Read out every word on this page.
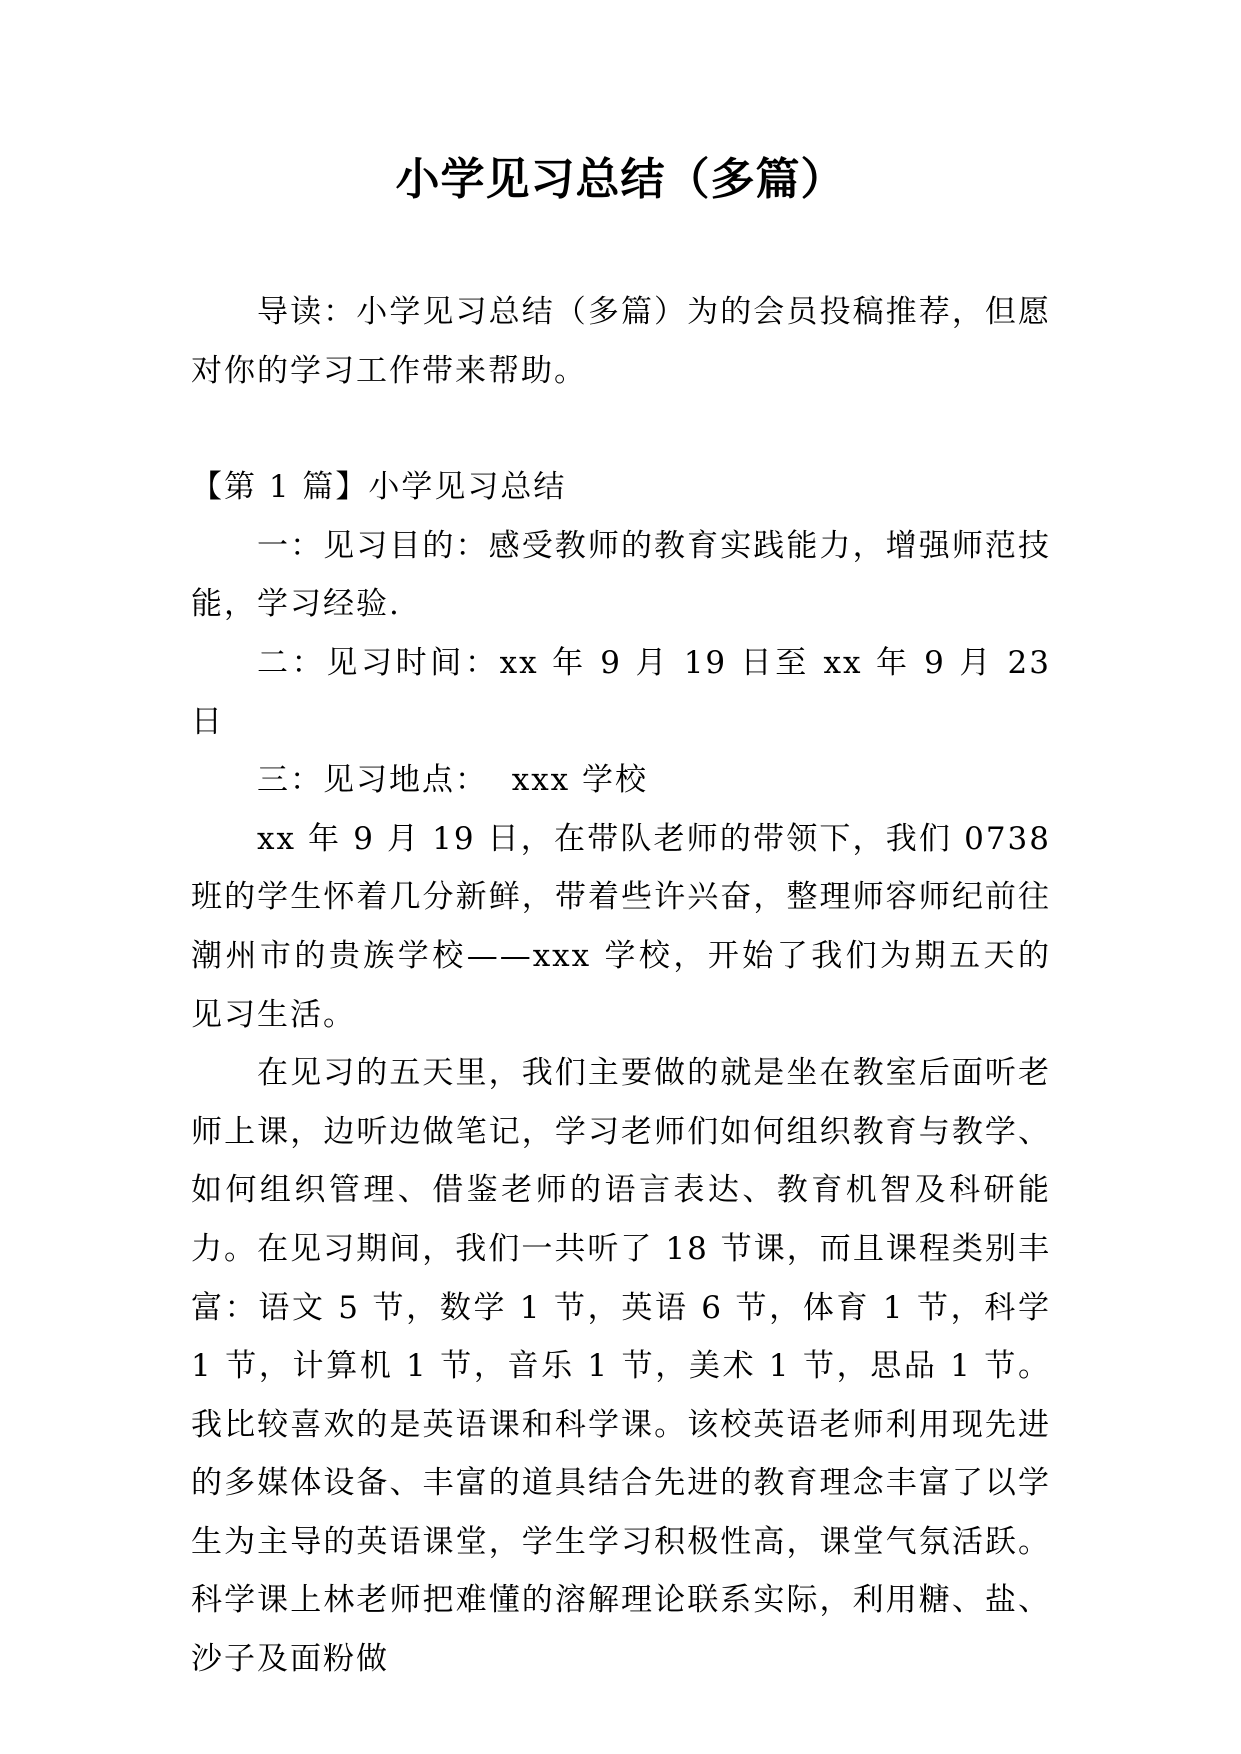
小学见习总结（多篇）

导读：小学见习总结（多篇）为的会员投稿推荐，但愿对你的学习工作带来帮助。

【第 1 篇】小学见习总结

一：见习目的：感受教师的教育实践能力，增强师范技能，学习经验.

二：见习时间：xx 年 9 月 19 日至 xx 年 9 月 23 日

三：见习地点：  xxx 学校

xx 年 9 月 19 日，在带队老师的带领下，我们 0738 班的学生怀着几分新鲜，带着些许兴奋，整理师容师纪前往潮州市的贵族学校——xxx 学校，开始了我们为期五天的见习生活。

在见习的五天里，我们主要做的就是坐在教室后面听老师上课，边听边做笔记，学习老师们如何组织教育与教学、如何组织管理、借鉴老师的语言表达、教育机智及科研能力。在见习期间，我们一共听了 18 节课，而且课程类别丰富：语文 5 节，数学 1 节，英语 6 节，体育 1 节，科学 1 节，计算机 1 节，音乐 1 节，美术 1 节，思品 1 节。我比较喜欢的是英语课和科学课。该校英语老师利用现先进的多媒体设备、丰富的道具结合先进的教育理念丰富了以学生为主导的英语课堂，学生学习积极性高，课堂气氛活跃。科学课上林老师把难懂的溶解理论联系实际，利用糖、盐、沙子及面粉做
